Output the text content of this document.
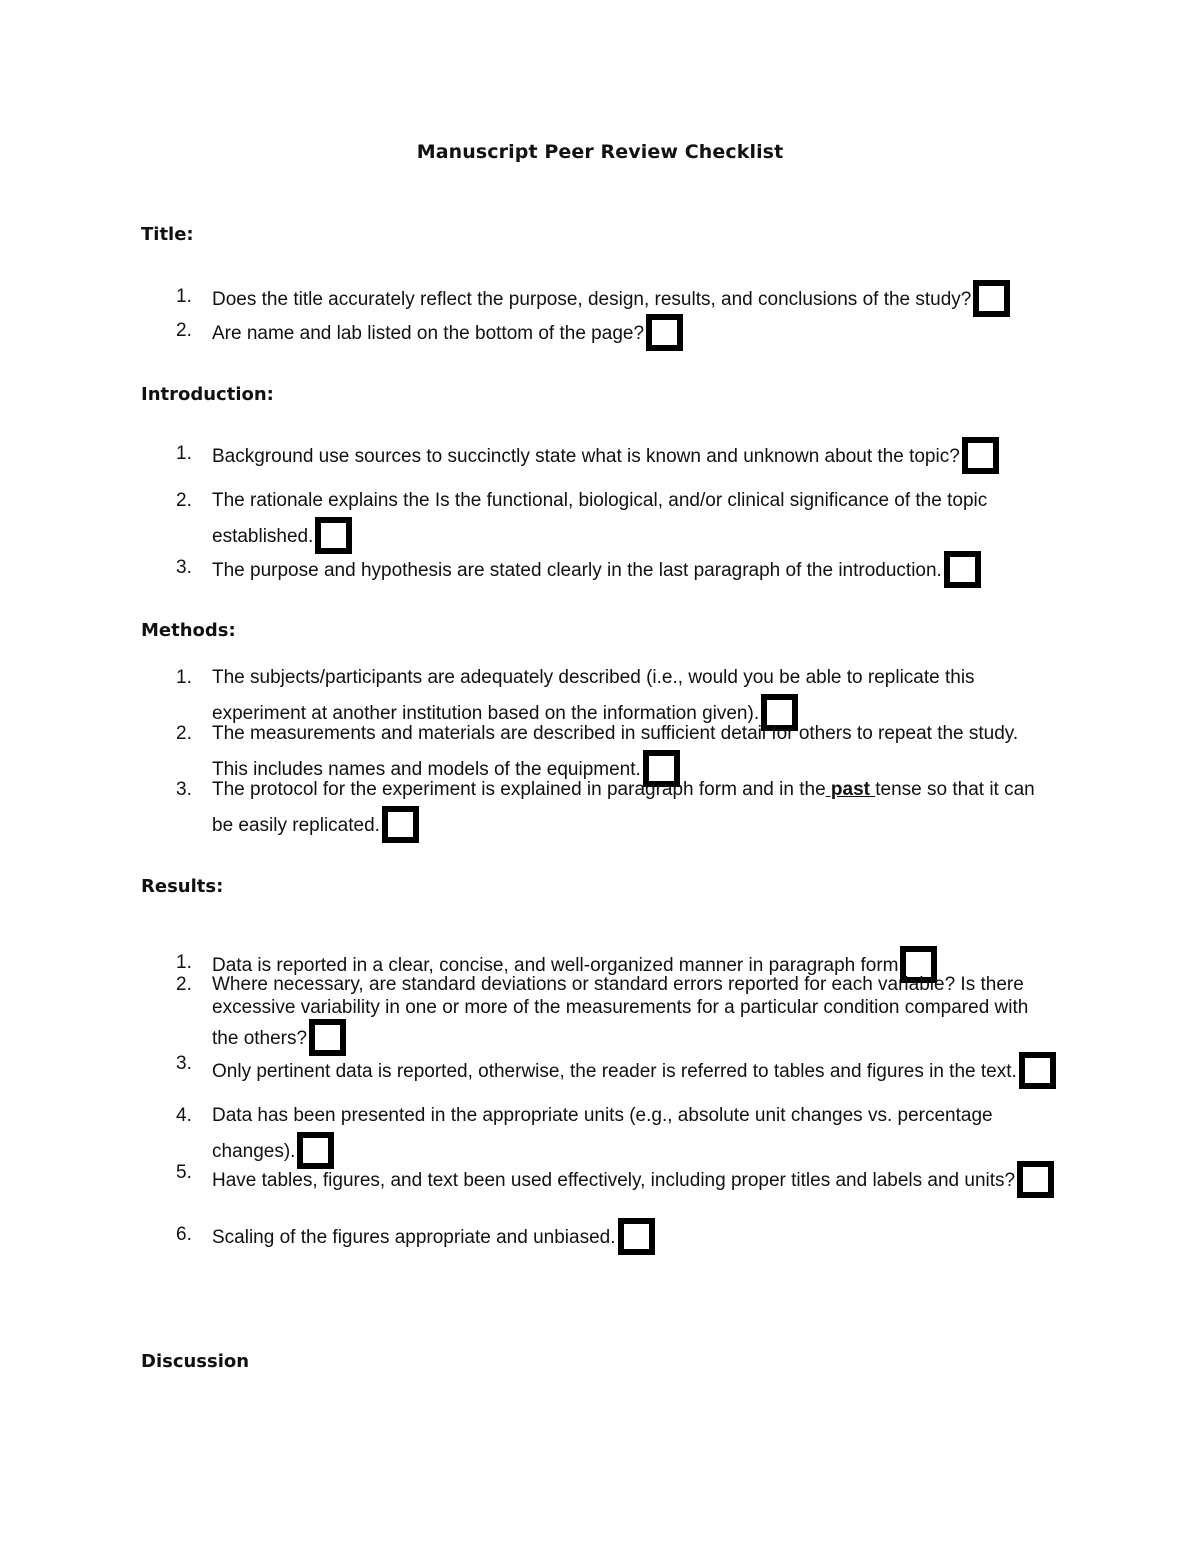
Manuscript Peer Review Checklist
Title:
1.	Does the title accurately reflect the purpose, design, results, and conclusions of the study?
2.	Are name and lab listed on the bottom of the page?
Introduction:
1.	Background use sources to succinctly state what is known and unknown about the topic?
2.	The rationale explains the Is the functional, biological, and/or clinical significance of the topic established.
3.	The purpose and hypothesis are stated clearly in the last paragraph of the introduction.
Methods:
1.	The subjects/participants are adequately described (i.e., would you be able to replicate this experiment at another institution based on the information given).
2.	The measurements and materials are described in sufficient detail for others to repeat the study. This includes names and models of the equipment.
3.	The protocol for the experiment is explained in paragraph form and in the past tense so that it can be easily replicated.
Results:
1.	Data is reported in a clear, concise, and well-organized manner in paragraph form
2.	Where necessary, are standard deviations or standard errors reported for each variable? Is there excessive variability in one or more of the measurements for a particular condition compared with the others?
3.	Only pertinent data is reported, otherwise, the reader is referred to tables and figures in the text.
4.	Data has been presented in the appropriate units (e.g., absolute unit changes vs. percentage changes).
5.	Have tables, figures, and text been used effectively, including proper titles and labels and units?
6.	Scaling of the figures appropriate and unbiased.
Discussion
